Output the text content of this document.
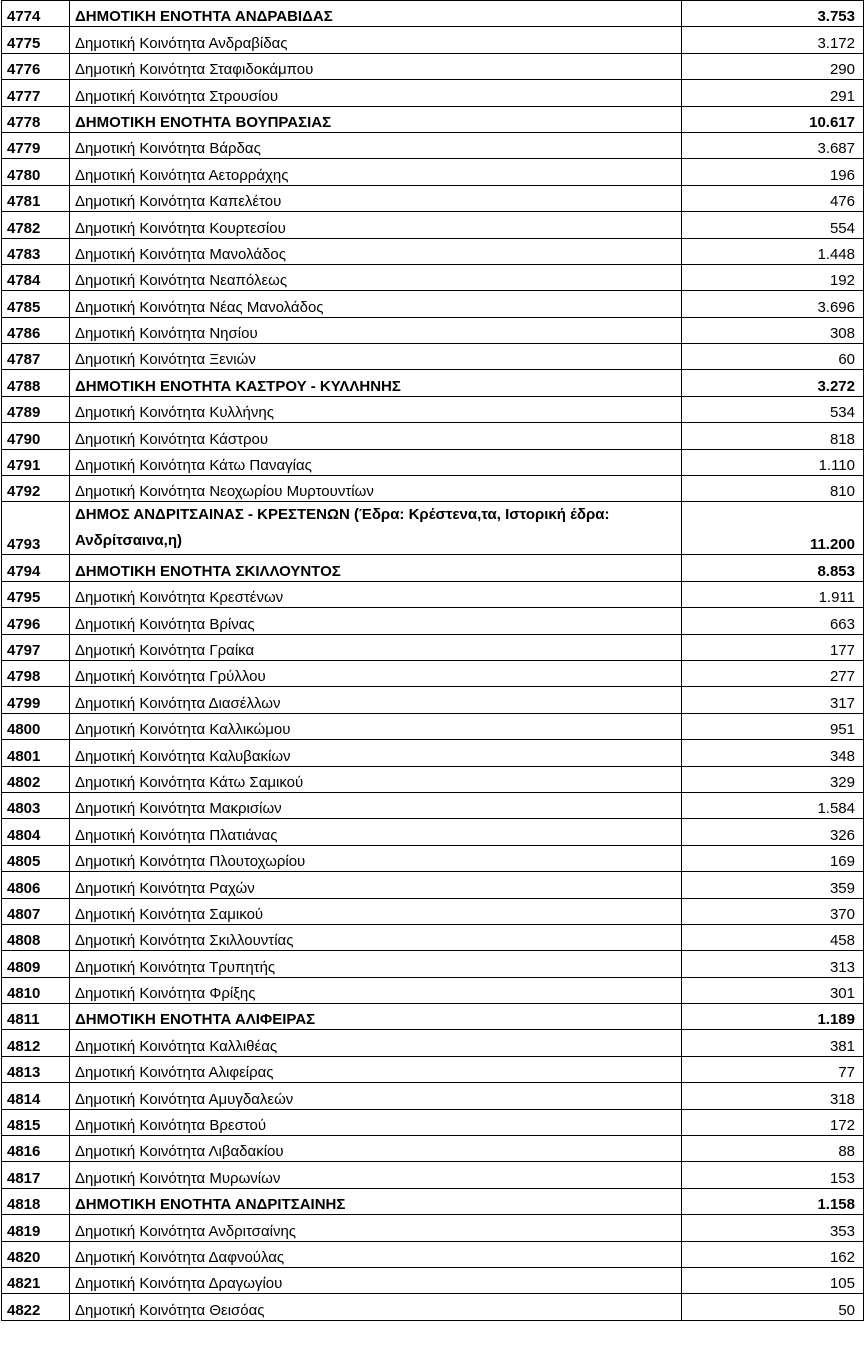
4774	ΔΗΜΟΤΙΚΗ ΕΝΟΤΗΤΑ ΑΝΔΡΑΒΙΔΑΣ	3.753
4775	Δημοτική Κοινότητα Ανδραβίδας	3.172
4776	Δημοτική Κοινότητα Σταφιδοκάμπου	290
4777	Δημοτική Κοινότητα Στρουσίου	291
4778	ΔΗΜΟΤΙΚΗ ΕΝΟΤΗΤΑ ΒΟΥΠΡΑΣΙΑΣ	10.617
4779	Δημοτική Κοινότητα Βάρδας	3.687
4780	Δημοτική Κοινότητα Αετορράχης	196
4781	Δημοτική Κοινότητα Καπελέτου	476
4782	Δημοτική Κοινότητα Κουρτεσίου	554
4783	Δημοτική Κοινότητα Μανολάδος	1.448
4784	Δημοτική Κοινότητα Νεαπόλεως	192
4785	Δημοτική Κοινότητα Νέας Μανολάδος	3.696
4786	Δημοτική Κοινότητα Νησίου	308
4787	Δημοτική Κοινότητα Ξενιών	60
4788	ΔΗΜΟΤΙΚΗ ΕΝΟΤΗΤΑ ΚΑΣΤΡΟΥ - ΚΥΛΛΗΝΗΣ	3.272
4789	Δημοτική Κοινότητα Κυλλήνης	534
4790	Δημοτική Κοινότητα Κάστρου	818
4791	Δημοτική Κοινότητα Κάτω Παναγίας	1.110
4792	Δημοτική Κοινότητα Νεοχωρίου Μυρτουντίων	810
4793	ΔΗΜΟΣ ΑΝΔΡΙΤΣΑΙΝΑΣ - ΚΡΕΣΤΕΝΩΝ (Έδρα: Κρέστενα,τα, Ιστορική έδρα: Ανδρίτσαινα,η)	11.200
4794	ΔΗΜΟΤΙΚΗ ΕΝΟΤΗΤΑ ΣΚΙΛΛΟΥΝΤΟΣ	8.853
4795	Δημοτική Κοινότητα Κρεστένων	1.911
4796	Δημοτική Κοινότητα Βρίνας	663
4797	Δημοτική Κοινότητα Γραίκα	177
4798	Δημοτική Κοινότητα Γρύλλου	277
4799	Δημοτική Κοινότητα Διασέλλων	317
4800	Δημοτική Κοινότητα Καλλικώμου	951
4801	Δημοτική Κοινότητα Καλυβακίων	348
4802	Δημοτική Κοινότητα Κάτω Σαμικού	329
4803	Δημοτική Κοινότητα Μακρισίων	1.584
4804	Δημοτική Κοινότητα Πλατιάνας	326
4805	Δημοτική Κοινότητα Πλουτοχωρίου	169
4806	Δημοτική Κοινότητα Ραχών	359
4807	Δημοτική Κοινότητα Σαμικού	370
4808	Δημοτική Κοινότητα Σκιλλουντίας	458
4809	Δημοτική Κοινότητα Τρυπητής	313
4810	Δημοτική Κοινότητα Φρίξης	301
4811	ΔΗΜΟΤΙΚΗ ΕΝΟΤΗΤΑ ΑΛΙΦΕΙΡΑΣ	1.189
4812	Δημοτική Κοινότητα Καλλιθέας	381
4813	Δημοτική Κοινότητα Αλιφείρας	77
4814	Δημοτική Κοινότητα Αμυγδαλεών	318
4815	Δημοτική Κοινότητα Βρεστού	172
4816	Δημοτική Κοινότητα Λιβαδακίου	88
4817	Δημοτική Κοινότητα Μυρωνίων	153
4818	ΔΗΜΟΤΙΚΗ ΕΝΟΤΗΤΑ ΑΝΔΡΙΤΣΑΙΝΗΣ	1.158
4819	Δημοτική Κοινότητα Ανδριτσαίνης	353
4820	Δημοτική Κοινότητα Δαφνούλας	162
4821	Δημοτική Κοινότητα Δραγωγίου	105
4822	Δημοτική Κοινότητα Θεισόας	50
